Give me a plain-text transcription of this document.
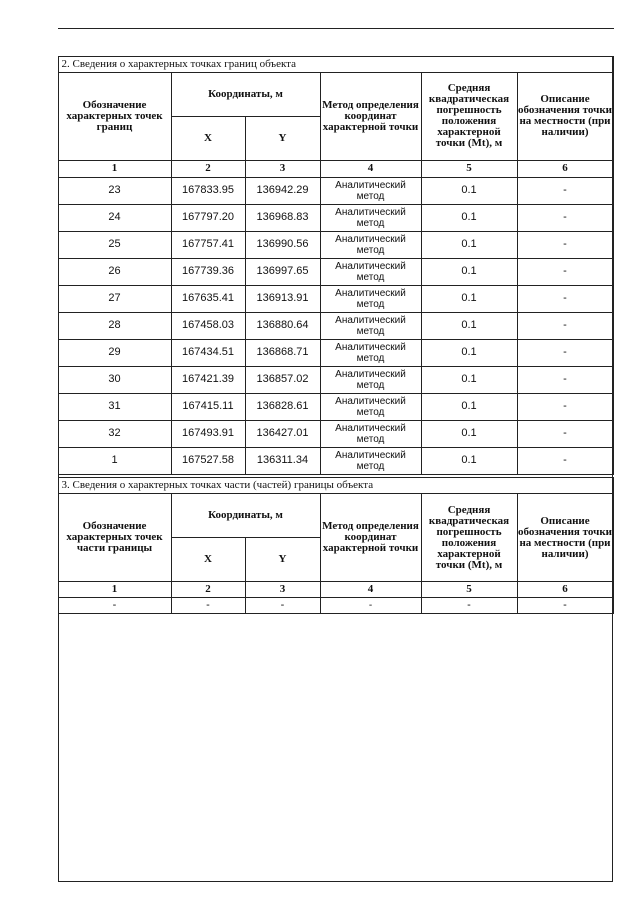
2. Сведения о характерных точках границ объекта					
Обозначение характерных точек границ	Координаты, м		Метод определения координат характерной точки	Средняя квадратическая погрешность положения характерной точки (Mt), м	Описание обозначения точки на местности (при наличии)
	X	Y			
1	2	3	4	5	6
23	167833.95	136942.29	Аналитический метод	0.1	-
24	167797.20	136968.83	Аналитический метод	0.1	-
25	167757.41	136990.56	Аналитический метод	0.1	-
26	167739.36	136997.65	Аналитический метод	0.1	-
27	167635.41	136913.91	Аналитический метод	0.1	-
28	167458.03	136880.64	Аналитический метод	0.1	-
29	167434.51	136868.71	Аналитический метод	0.1	-
30	167421.39	136857.02	Аналитический метод	0.1	-
31	167415.11	136828.61	Аналитический метод	0.1	-
32	167493.91	136427.01	Аналитический метод	0.1	-
1	167527.58	136311.34	Аналитический метод	0.1	-
3. Сведения о характерных точках части (частей) границы объекта					
Обозначение характерных точек части границы	Координаты, м		Метод определения координат характерной точки	Средняя квадратическая погрешность положения характерной точки (Mt), м	Описание обозначения точки на местности (при наличии)
	X	Y			
1	2	3	4	5	6
-	-	-	-	-	-
